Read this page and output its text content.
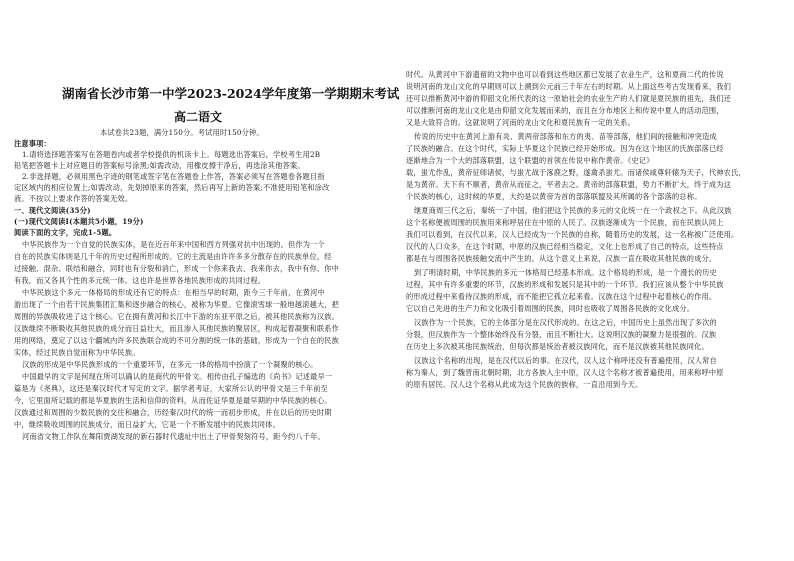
湖南省长沙市第一中学2023-2024学年度第一学期期末考试
高二语文
本试卷共23题，满分150分。考试用时150分钟。
注意事项：
1.请将选择题答案写在答题卷内或者学校提供的机读卡上。每题选出答案后，学校考生用2B
铅笔把答题卡上对应题目的答案标号涂黑;如需改动，用橡皮擦干净后，再选涂其他答案。
2.非选择题，必须用黑色字迹的钢笔或签字笔在答题卷上作答，答案必须写在答题卷各题目指
定区域内的相应位置上;如需改动，先划掉原来的答案，然后再写上新的答案;不准使用铅笔和涂改
液。不按以上要求作答的答案无效。
一、现代文阅读(35分)
(一)现代文阅读I(本题共5小题，19分)
阅读下面的文字，完成1-5题。
中华民族作为一个自觉的民族实体，是在近百年来中国和西方列强对抗中出现的。但作为一个
自在的民族实体则是几千年的历史过程所形成的。它的主流是由许许多多分散存在的民族单位，经
过接触、混杂、联结和融合，同时也有分裂和消亡，形成一个你来我去、我来你去，我中有你、你中
有我，而又各具个性的多元统一体。这也许是世界各地民族形成的共同过程。
中华民族这个多元一体格局的形成还有它的特点：在相当早的时期，距今三千年前，在黄河中
游出现了一个由若干民族集团汇集和逐步融合的核心，被称为华夏。它像滚雪球一般地越滚越大，把
周围的异族吸收进了这个核心。它在拥有黄河和长江中下游的东亚平原之后，被其他民族称为汉族。
汉族继续不断吸收其他民族的成分而日益壮大，而且渗入其他民族的聚居区，构成起着凝聚和联系作
用的网络，奠定了以这个疆域内许多民族联合成的不可分割的统一体的基础，形成为一个自在的民族
实体，经过民族自觉而称为中华民族。
汉族的形成是中华民族形成的一个重要环节，在多元一体的格局中扮演了一个凝聚的核心。
中国最早的文字是何现在所可以确认的是商代的甲骨文。相传由孔子编选的《尚书》记述最早一
篇是为《尧典》，这还是秦汉时代才写定的文字。据学者考证，大家所公认的甲骨文是三千年前至
今，它里面所记载的都是华夏族的生活和信仰的资料，从而佐证华夏是最早期的中华民族的核心。
汉族通过和周围的少数民族的交往和融合，历经秦汉时代的统一而初步形成，并在以后的历史时期
中，继续吸收周围的民族成分，而日益扩大，它是一个不断发展中的民族共同体。
河南省文物工作队在舞阳贾湖发现的新石器时代遗址中出土了甲骨契刻符号，距今约八千年。
时代。从黄河中下游遗留的文物中也可以看到这些地区都已发展了农业生产，这和夏商二代的传说
说明河南的龙山文化的早期则可以上溯到公元前三千年左右的时期。从上面这些考古发现看来，我们
还可以推断黄河中游的仰韶文化所代表的这一原始社会的农业生产的人们就是夏民族的祖先，我们还
可以推断河南的龙山文化是由仰韶文化发展而来的，而且在分布地区上和传说中夏人的活动范围，
又是大致符合的。这就说明了河南的龙山文化和夏民族有一定的关系。
传说的历史中在黄河上游有炎、黄两帝部落和东方的夷、苗等部落，他们间的接触和冲突造成
了民族的融合。在这个时代，实际上华夏这个民族已经开始形成。因为在这个地区的氏族部落已经
逐渐地合为一个大的部落联盟，这个联盟的首领在传说中称作黄帝。《史记》
载，蚩尤作乱，黄帝征师诸侯，与蚩尤战于涿鹿之野，遂禽杀蚩尤。而诸侯咸尊轩辕为天子，代神农氏，
是为黄帝。天下有不顺者，黄帝从而征之，平者去之。黄帝的部落联盟，势力不断扩大，终于成为这
个民族的核心，这时候的华夏，大约是以黄帝为首的部落联盟及其所属的各个部落的总称。
继夏商周三代之后，秦统一了中国，他们把这个民族的多元的文化统一在一个政权之下。从此汉族
这个名称便被周围的民族用来称呼居住在中原的人民了。汉族逐渐成为一个民族，而在民族认同上
我们可以看到，在汉代以来，汉人已经成为一个民族的自称，随着历史的发展，这一名称被广泛使用。
汉代的人口众多，在这个时期，中原的汉族已经相当稳定，文化上也形成了自己的特点，这些特点
都是在与周围各民族接触交流中产生的。从这个意义上来说，汉族一直在吸收其他民族的成分。
到了明清时期，中华民族的多元一体格局已经基本形成。这个格局的形成，是一个漫长的历史
过程，其中有许多重要的环节，汉族的形成和发展只是其中的一个环节。我们应该从整个中华民族
的形成过程中来看待汉族的形成，而不能把它孤立起来看。汉族在这个过程中起着核心的作用。
它以自己先进的生产力和文化吸引着周围的民族，同时也吸收了周围各民族的文化成分。
汉族作为一个民族，它的主体部分是在汉代形成的。在这之后，中国历史上虽然出现了多次的
分裂，但汉族作为一个整体始终没有分裂，而且不断壮大。这说明汉族的凝聚力是很强的。汉族
在历史上多次被其他民族统治，但每次都是统治者被汉族同化，而不是汉族被其他民族同化。
汉族这个名称的出现，是在汉代以后的事。在汉代，汉人这个称呼还没有普遍使用，汉人常自
称为秦人，到了魏晋南北朝时期，北方各族入主中原，汉人这个名称才被普遍使用，用来称呼中原
的原有居民。汉人这个名称从此成为这个民族的族称，一直沿用到今天。
